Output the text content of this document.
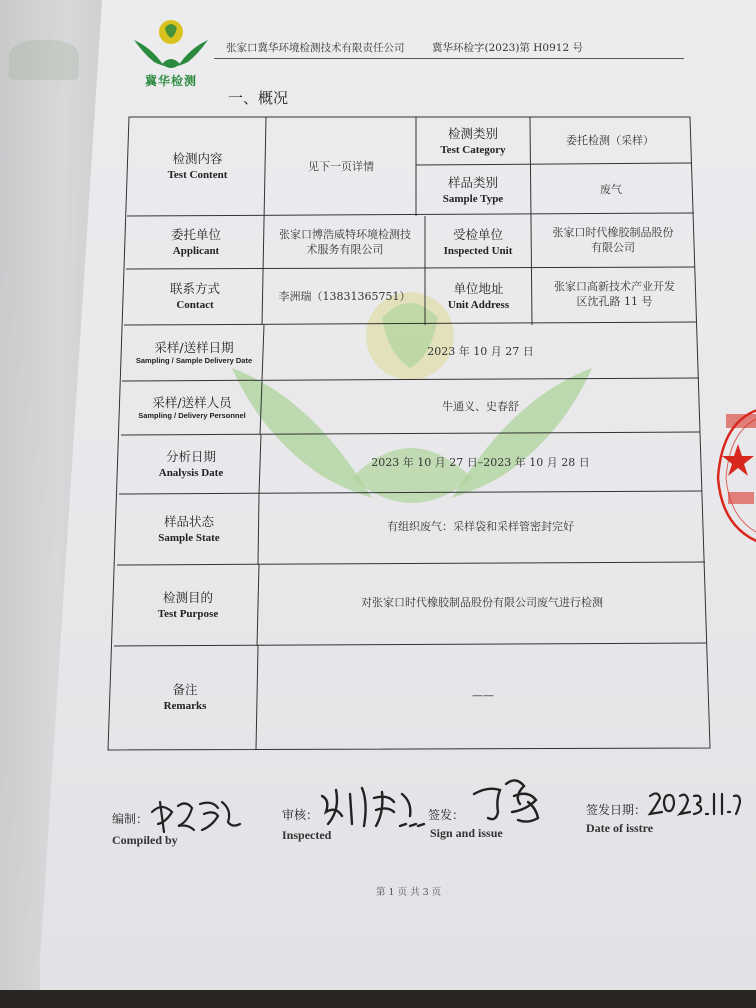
冀华检测
张家口冀华环境检测技术有限责任公司	冀华环检字(2023)第 H0912 号
一、概况
检测内容
Test Content
见下一页详情
检测类别
Test Category
委托检测（采样）
样品类别
Sample Type
废气
委托单位
Applicant
张家口博浩威特环境检测技
术服务有限公司
受检单位
Inspected Unit
张家口时代橡胶制品股份
有限公司
联系方式
Contact
李洲瑞（13831365751）	单位地址
Unit Address
张家口高新技术产业开发
区沈孔路 11 号
采样/送样日期
Sampling / Sample Delivery Date
2023 年 10 月 27 日
采样/送样人员
Sampling / Delivery Personnel
牛通义、史春舒
分析日期
Analysis Date
2023 年 10 月 27 日–2023 年 10 月 28 日
样品状态
Sample State
有组织废气：采样袋和采样管密封完好
检测目的
Test Purpose
对张家口时代橡胶制品股份有限公司废气进行检测
备注
Remarks
——
编制：
Compiled by
审核：
Inspected
签发：
Sign and issue
签发日期：
Date of isstre
第 1 页 共 3 页
